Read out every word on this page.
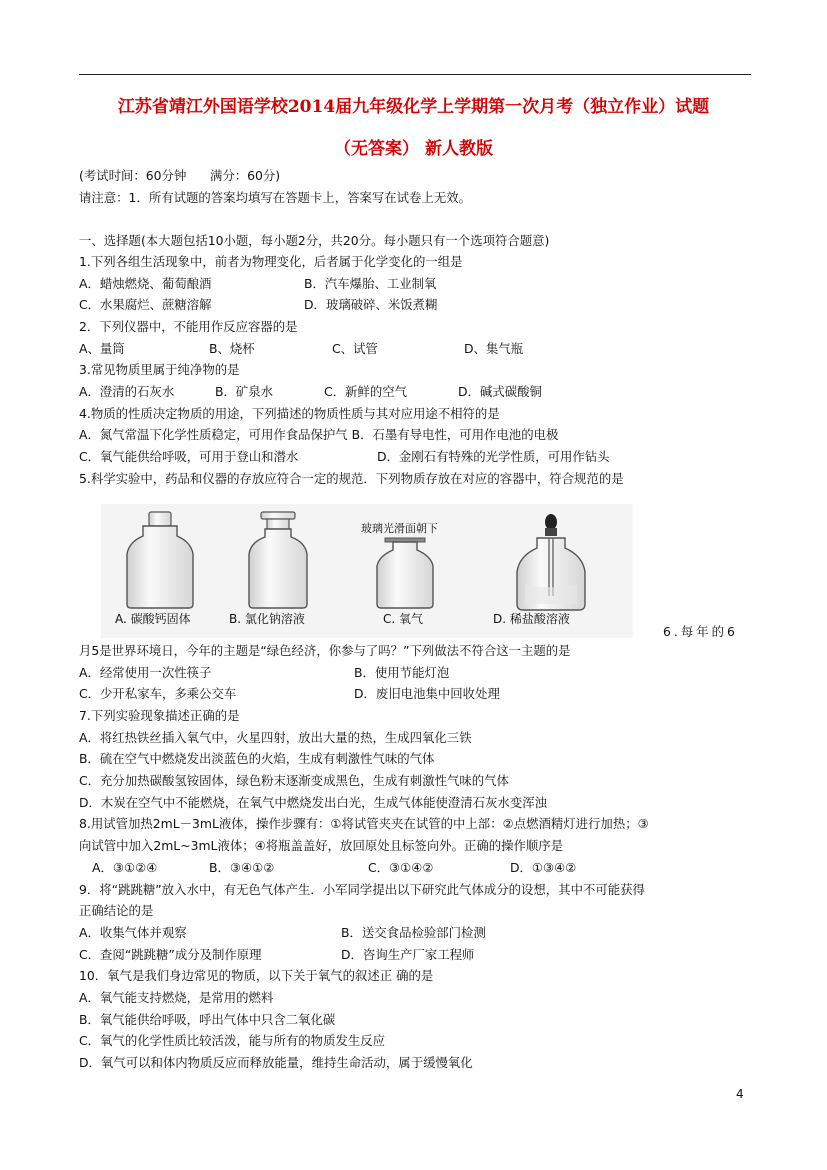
江苏省靖江外国语学校2014届九年级化学上学期第一次月考（独立作业）试题
（无答案） 新人教版
(考试时间：60分钟      满分：60分)
请注意：1．所有试题的答案均填写在答题卡上，答案写在试卷上无效。
一、选择题(本大题包括10小题，每小题2分，共20分。每小题只有一个选项符合题意)
1.下列各组生活现象中，前者为物理变化，后者属于化学变化的一组是
A．蜡烛燃烧、葡萄酿酒	B．汽车爆胎、工业制氧
C．水果腐烂、蔗糖溶解	D．玻璃破碎、米饭煮糊
2．下列仪器中，不能用作反应容器的是
A、量筒	B、烧杯	C、试管	D、集气瓶
3.常见物质里属于纯净物的是
A．澄清的石灰水	B．矿泉水	C．新鲜的空气	D．碱式碳酸铜
4.物质的性质决定物质的用途，下列描述的物质性质与其对应用途不相符的是
A．氮气常温下化学性质稳定，可用作食品保护气 B．石墨有导电性，可用作电池的电极
C．氧气能供给呼吸，可用于登山和潜水	D．金刚石有特殊的光学性质，可用作钻头
5.科学实验中，药品和仪器的存放应符合一定的规范．下列物质存放在对应的容器中，符合规范的是
玻璃光滑面朝下
A. 碳酸钙固体	B. 氯化钠溶液	C. 氧气	D. 稀盐酸溶液
6.每年的6
月5是世界环境日，今年的主题是“绿色经济，你参与了吗？”下列做法不符合这一主题的是
A．经常使用一次性筷子	B．使用节能灯泡
C．少开私家车，多乘公交车	D．废旧电池集中回收处理
7.下列实验现象描述正确的是
A．将红热铁丝插入氧气中，火星四射，放出大量的热，生成四氧化三铁
B．硫在空气中燃烧发出淡蓝色的火焰，生成有刺激性气味的气体
C．充分加热碳酸氢铵固体，绿色粉末逐渐变成黑色，生成有刺激性气味的气体
D．木炭在空气中不能燃烧，在氧气中燃烧发出白光，生成气体能使澄清石灰水变浑浊
8.用试管加热2mL－3mL液体，操作步骤有：①将试管夹夹在试管的中上部：②点燃酒精灯进行加热；③
向试管中加入2mL~3mL液体；④将瓶盖盖好，放回原处且标签向外。正确的操作顺序是
A．③①②④	B．③④①②	C．③①④②	D．①③④②
9．将“跳跳糖”放入水中，有无色气体产生．小军同学提出以下研究此气体成分的设想，其中不可能获得
正确结论的是
A．收集气体并观察	B．送交食品检验部门检测
C．查阅“跳跳糖”成分及制作原理	D．咨询生产厂家工程师
10．氧气是我们身边常见的物质，以下关于氧气的叙述正 确的是
A．氧气能支持燃烧，是常用的燃料
B．氧气能供给呼吸，呼出气体中只含二氧化碳
C．氧气的化学性质比较活泼，能与所有的物质发生反应
D．氧气可以和体内物质反应而释放能量，维持生命活动，属于缓慢氧化
4
